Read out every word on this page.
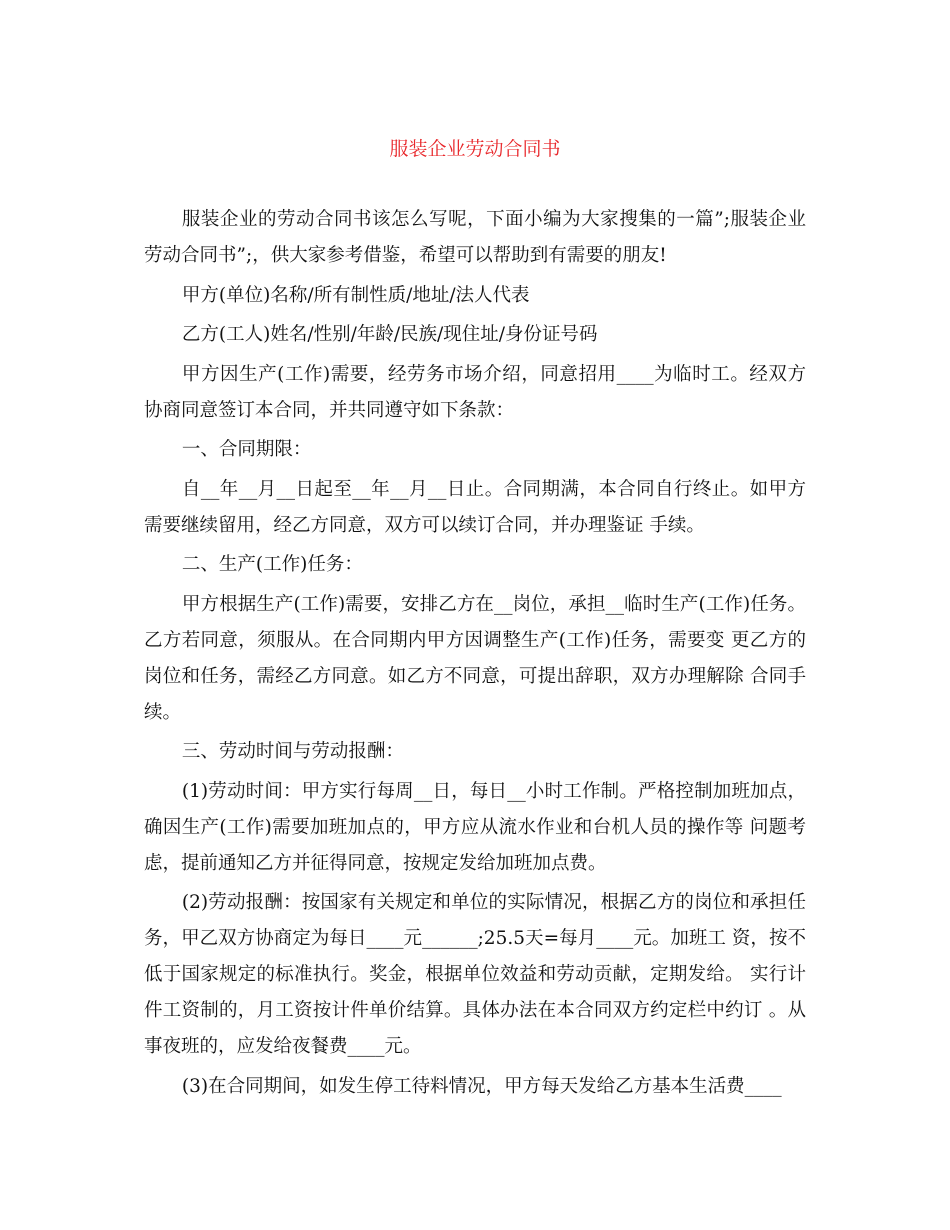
服装企业劳动合同书

服装企业的劳动合同书该怎么写呢，下面小编为大家搜集的一篇”;服装企业劳动合同书”;，供大家参考借鉴，希望可以帮助到有需要的朋友!

甲方(单位)名称/所有制性质/地址/法人代表

乙方(工人)姓名/性别/年龄/民族/现住址/身份证号码

甲方因生产(工作)需要，经劳务市场介绍，同意招用____为临时工。经双方协商同意签订本合同，并共同遵守如下条款：

一、合同期限：

自__年__月__日起至__年__月__日止。合同期满，本合同自行终止。如甲方需要继续留用，经乙方同意，双方可以续订合同，并办理鉴证 手续。

二、生产(工作)任务：

甲方根据生产(工作)需要，安排乙方在__岗位，承担__临时生产(工作)任务。乙方若同意，须服从。在合同期内甲方因调整生产(工作)任务，需要变 更乙方的岗位和任务，需经乙方同意。如乙方不同意，可提出辞职，双方办理解除 合同手续。

三、劳动时间与劳动报酬：

(1)劳动时间：甲方实行每周__日，每日__小时工作制。严格控制加班加点，确因生产(工作)需要加班加点的，甲方应从流水作业和台机人员的操作等 问题考虑，提前通知乙方并征得同意，按规定发给加班加点费。

(2)劳动报酬：按国家有关规定和单位的实际情况，根据乙方的岗位和承担任务，甲乙双方协商定为每日____元______;25.5天=每月____元。加班工 资，按不低于国家规定的标准执行。奖金，根据单位效益和劳动贡献，定期发给。 实行计件工资制的，月工资按计件单价结算。具体办法在本合同双方约定栏中约订 。从事夜班的，应发给夜餐费____元。

(3)在合同期间，如发生停工待料情况，甲方每天发给乙方基本生活费____
